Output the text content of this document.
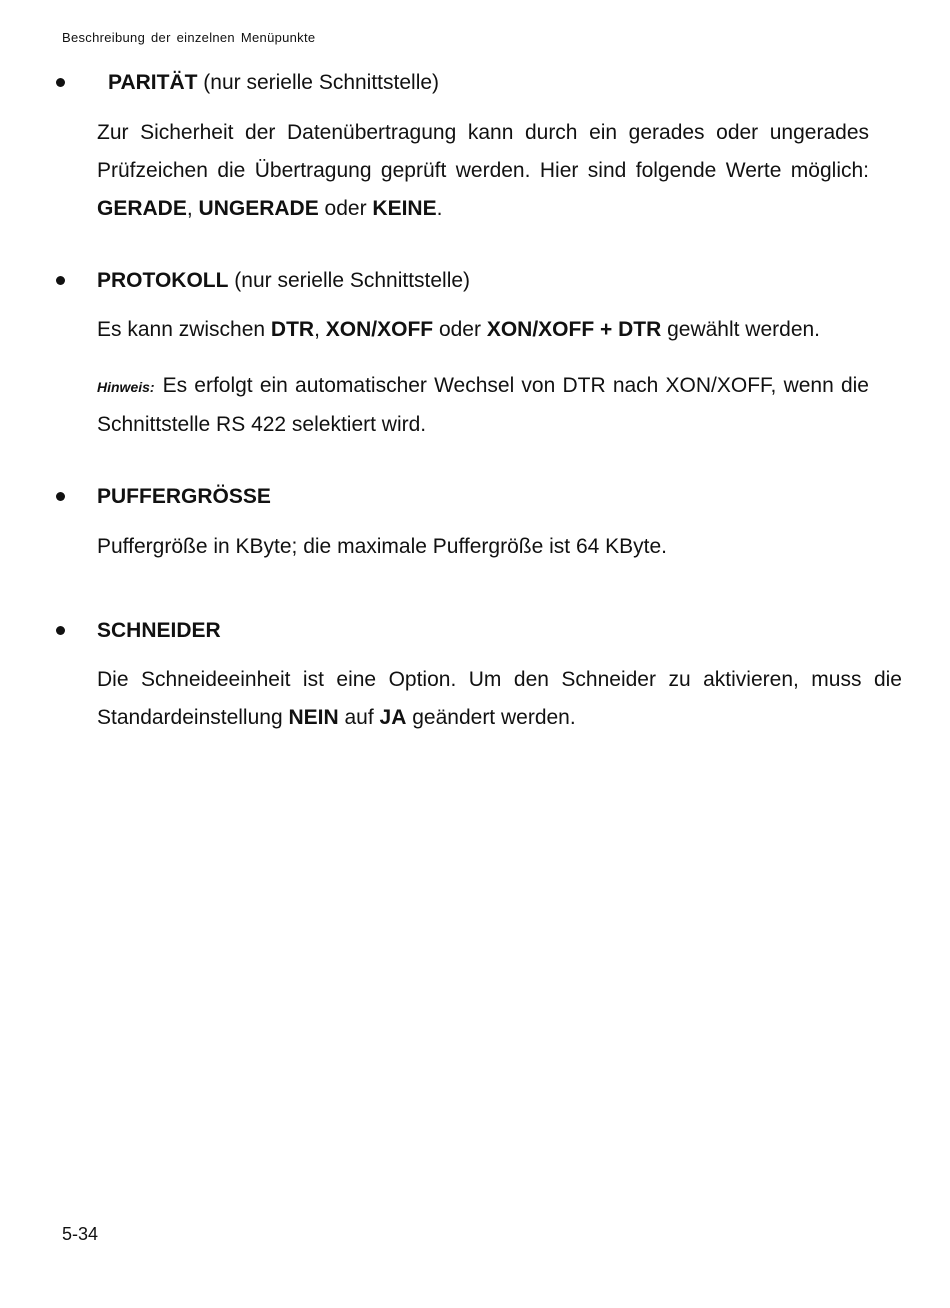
Beschreibung der einzelnen Menüpunkte
PARITÄT (nur serielle Schnittstelle)

Zur Sicherheit der Datenübertragung kann durch ein gerades oder ungerades Prüfzeichen die Übertragung geprüft werden. Hier sind folgende Werte möglich: GERADE, UNGERADE oder KEINE.

PROTOKOLL (nur serielle Schnittstelle)

Es kann zwischen DTR, XON/XOFF oder XON/XOFF + DTR gewählt werden.

Hinweis: Es erfolgt ein automatischer Wechsel von DTR nach XON/XOFF, wenn die Schnittstelle RS 422 selektiert wird.

PUFFERGRÖSSE

Puffergröße in KByte; die maximale Puffergröße ist 64 KByte.

SCHNEIDER

Die Schneideeinheit ist eine Option. Um den Schneider zu aktivieren, muss die Standardeinstellung NEIN auf JA geändert werden.

5-34
